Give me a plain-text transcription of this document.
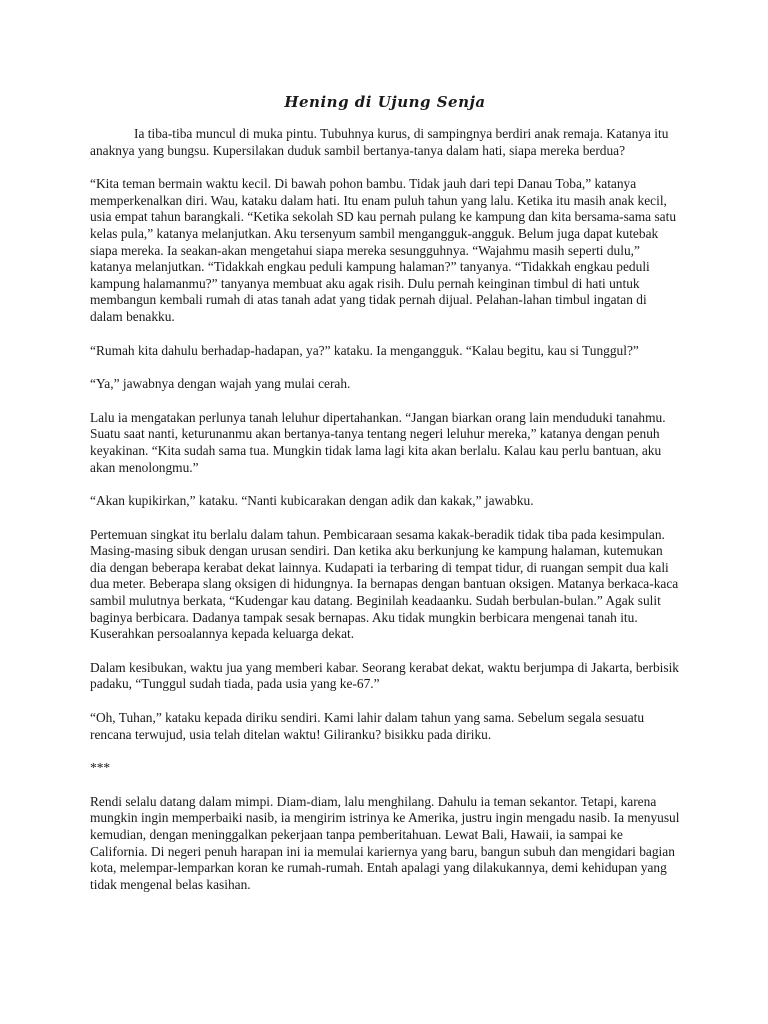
Hening di Ujung Senja

Ia tiba-tiba muncul di muka pintu. Tubuhnya kurus, di sampingnya berdiri anak remaja. Katanya itu anaknya yang bungsu. Kupersilakan duduk sambil bertanya-tanya dalam hati, siapa mereka berdua?

“Kita teman bermain waktu kecil. Di bawah pohon bambu. Tidak jauh dari tepi Danau Toba,” katanya memperkenalkan diri. Wau, kataku dalam hati. Itu enam puluh tahun yang lalu. Ketika itu masih anak kecil, usia empat tahun barangkali. “Ketika sekolah SD kau pernah pulang ke kampung dan kita bersama-sama satu kelas pula,” katanya melanjutkan. Aku tersenyum sambil mengangguk-angguk. Belum juga dapat kutebak siapa mereka. Ia seakan-akan mengetahui siapa mereka sesungguhnya. “Wajahmu masih seperti dulu,” katanya melanjutkan. “Tidakkah engkau peduli kampung halaman?” tanyanya. “Tidakkah engkau peduli kampung halamanmu?” tanyanya membuat aku agak risih. Dulu pernah keinginan timbul di hati untuk membangun kembali rumah di atas tanah adat yang tidak pernah dijual. Pelahan-lahan timbul ingatan di dalam benakku.

“Rumah kita dahulu berhadap-hadapan, ya?” kataku. Ia mengangguk. “Kalau begitu, kau si Tunggul?”

“Ya,” jawabnya dengan wajah yang mulai cerah.

Lalu ia mengatakan perlunya tanah leluhur dipertahankan. “Jangan biarkan orang lain menduduki tanahmu. Suatu saat nanti, keturunanmu akan bertanya-tanya tentang negeri leluhur mereka,” katanya dengan penuh keyakinan. “Kita sudah sama tua. Mungkin tidak lama lagi kita akan berlalu. Kalau kau perlu bantuan, aku akan menolongmu.”

“Akan kupikirkan,” kataku. “Nanti kubicarakan dengan adik dan kakak,” jawabku.

Pertemuan singkat itu berlalu dalam tahun. Pembicaraan sesama kakak-beradik tidak tiba pada kesimpulan. Masing-masing sibuk dengan urusan sendiri. Dan ketika aku berkunjung ke kampung halaman, kutemukan dia dengan beberapa kerabat dekat lainnya. Kudapati ia terbaring di tempat tidur, di ruangan sempit dua kali dua meter. Beberapa slang oksigen di hidungnya. Ia bernapas dengan bantuan oksigen. Matanya berkaca-kaca sambil mulutnya berkata, “Kudengar kau datang. Beginilah keadaanku. Sudah berbulan-bulan.” Agak sulit baginya berbicara. Dadanya tampak sesak bernapas. Aku tidak mungkin berbicara mengenai tanah itu. Kuserahkan persoalannya kepada keluarga dekat.

Dalam kesibukan, waktu jua yang memberi kabar. Seorang kerabat dekat, waktu berjumpa di Jakarta, berbisik padaku, “Tunggul sudah tiada, pada usia yang ke-67.”

“Oh, Tuhan,” kataku kepada diriku sendiri. Kami lahir dalam tahun yang sama. Sebelum segala sesuatu rencana terwujud, usia telah ditelan waktu! Giliranku? bisikku pada diriku.

***

Rendi selalu datang dalam mimpi. Diam-diam, lalu menghilang. Dahulu ia teman sekantor. Tetapi, karena mungkin ingin memperbaiki nasib, ia mengirim istrinya ke Amerika, justru ingin mengadu nasib. Ia menyusul kemudian, dengan meninggalkan pekerjaan tanpa pemberitahuan. Lewat Bali, Hawaii, ia sampai ke California. Di negeri penuh harapan ini ia memulai kariernya yang baru, bangun subuh dan mengidari bagian kota, melempar-lemparkan koran ke rumah-rumah. Entah apalagi yang dilakukannya, demi kehidupan yang tidak mengenal belas kasihan.
